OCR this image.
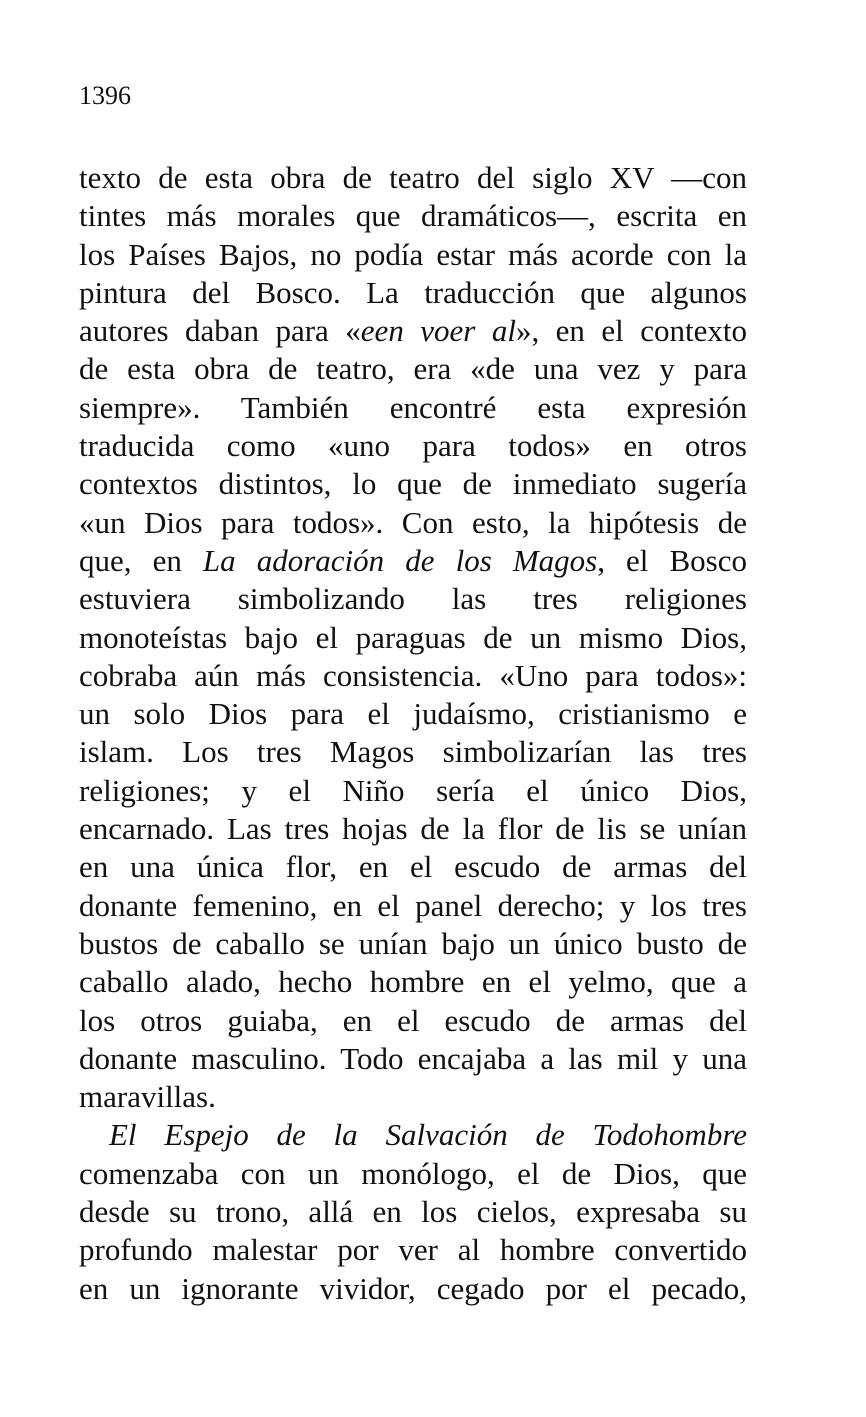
1396
texto de esta obra de teatro del siglo XV —con
tintes más morales que dramáticos—, escrita en
los Países Bajos, no podía estar más acorde con la
pintura del Bosco. La traducción que algunos
autores daban para «een voer al», en el contexto
de esta obra de teatro, era «de una vez y para
siempre». También encontré esta expresión
traducida como «uno para todos» en otros
contextos distintos, lo que de inmediato sugería
«un Dios para todos». Con esto, la hipótesis de
que, en La adoración de los Magos, el Bosco
estuviera simbolizando las tres religiones
monoteístas bajo el paraguas de un mismo Dios,
cobraba aún más consistencia. «Uno para todos»:
un solo Dios para el judaísmo, cristianismo e
islam. Los tres Magos simbolizarían las tres
religiones; y el Niño sería el único Dios,
encarnado. Las tres hojas de la flor de lis se unían
en una única flor, en el escudo de armas del
donante femenino, en el panel derecho; y los tres
bustos de caballo se unían bajo un único busto de
caballo alado, hecho hombre en el yelmo, que a
los otros guiaba, en el escudo de armas del
donante masculino. Todo encajaba a las mil y una
maravillas.
El Espejo de la Salvación de Todohombre
comenzaba con un monólogo, el de Dios, que
desde su trono, allá en los cielos, expresaba su
profundo malestar por ver al hombre convertido
en un ignorante vividor, cegado por el pecado,
